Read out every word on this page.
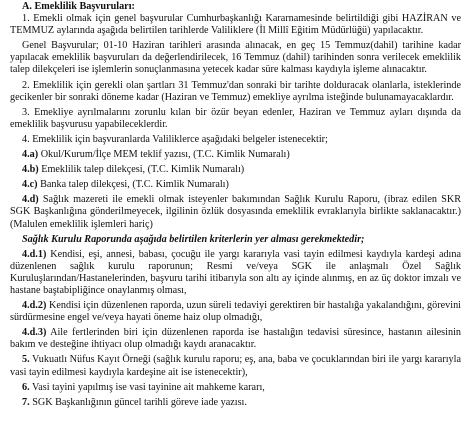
A. Emeklilik Başvuruları:

1. Emekli olmak için genel başvurular Cumhurbaşkanlığı Kararnamesinde belirtildiği gibi HAZİRAN ve TEMMUZ aylarında aşağıda belirtilen tarihlerde Valiliklere (İl Millî Eğitim Müdürlüğü) yapılacaktır.

Genel Başvurular; 01-10 Haziran tarihleri arasında alınacak, en geç 15 Temmuz(dahil) tarihine kadar yapılacak emeklilik başvuruları da değerlendirilecek, 16 Temmuz (dahil) tarihinden sonra verilecek emeklilik talep dilekçeleri ise işlemlerin sonuçlanmasına yetecek kadar süre kalması kaydıyla işleme alınacaktır.

2. Emeklilik için gerekli olan şartları 31 Temmuz'dan sonraki bir tarihte dolduracak olanlarla, isteklerinde gecikenler bir sonraki döneme kadar (Haziran ve Temmuz) emekliye ayrılma isteğinde bulunamayacaklardır.

3. Emekliye ayrılmalarını zorunlu kılan bir özür beyan edenler, Haziran ve Temmuz ayları dışında da emeklilik başvurusu yapabileceklerdir.

4. Emeklilik için başvuranlarda Valiliklerce aşağıdaki belgeler istenecektir;

4.a) Okul/Kurum/İlçe MEM teklif yazısı, (T.C. Kimlik Numaralı)
4.b) Emeklilik talep dilekçesi, (T.C. Kimlik Numaralı)
4.c) Banka talep dilekçesi, (T.C. Kimlik Numaralı)

4.d) Sağlık mazereti ile emekli olmak isteyenler bakımından Sağlık Kurulu Raporu, (ibraz edilen SKR SGK Başkanlığına gönderilmeyecek, ilgilinin özlük dosyasında emeklilik evraklarıyla birlikte saklanacaktır.) (Malulen emeklilik işlemleri hariç)

Sağlık Kurulu Raporunda aşağıda belirtilen kriterlerin yer alması gerekmektedir;

4.d.1) Kendisi, eşi, annesi, babası, çocuğu ile yargı kararıyla vasi tayin edilmesi kaydıyla kardeşi adına düzenlenen sağlık kurulu raporunun; Resmi ve/veya SGK ile anlaşmalı Özel Sağlık Kuruluşlarından/Hastanelerinden, başvuru tarihi itibarıyla son altı ay içinde alınmış, en az üç doktor imzalı ve hastane baştabipliğince onaylanmış olması,

4.d.2) Kendisi için düzenlenen raporda, uzun süreli tedaviyi gerektiren bir hastalığa yakalandığını, görevini sürdürmesine engel ve/veya hayati öneme haiz olup olmadığı,

4.d.3) Aile fertlerinden biri için düzenlenen raporda ise hastalığın tedavisi süresince, hastanın ailesinin bakım ve desteğine ihtiyacı olup olmadığı kaydı aranacaktır.

5. Vukuatlı Nüfus Kayıt Örneği (sağlık kurulu raporu; eş, ana, baba ve çocuklarından biri ile yargı kararıyla vasi tayin edilmesi kaydıyla kardeşine ait ise istenecektir),

6. Vasi tayini yapılmış ise vasi tayinine ait mahkeme kararı,
7. SGK Başkanlığının güncel tarihli göreve iade yazısı.
